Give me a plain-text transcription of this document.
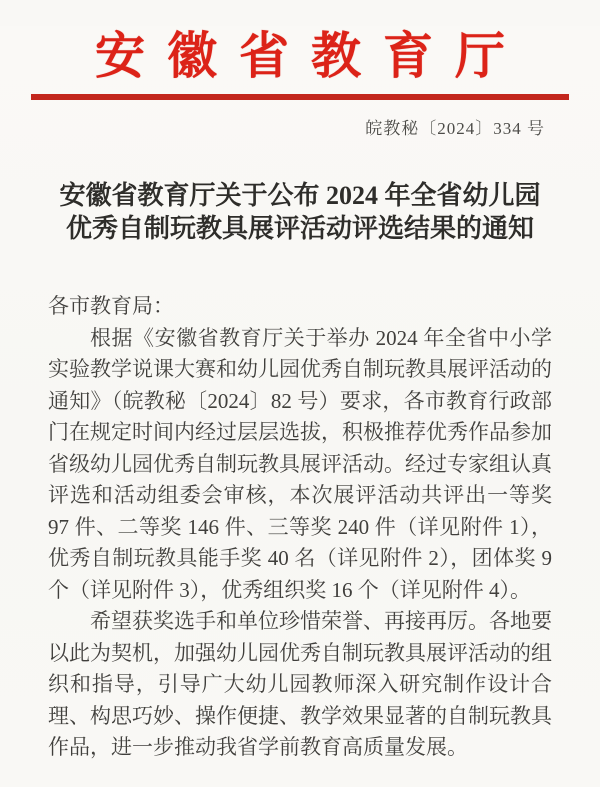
安徽省教育厅
皖教秘〔2024〕334 号
安徽省教育厅关于公布 2024 年全省幼儿园
优秀自制玩教具展评活动评选结果的通知
各市教育局：

根据《安徽省教育厅关于举办 2024 年全省中小学实验教学说课大赛和幼儿园优秀自制玩教具展评活动的通知》（皖教秘〔2024〕82 号）要求，各市教育行政部门在规定时间内经过层层选拔，积极推荐优秀作品参加省级幼儿园优秀自制玩教具展评活动。经过专家组认真评选和活动组委会审核，本次展评活动共评出一等奖 97 件、二等奖 146 件、三等奖 240 件（详见附件 1），优秀自制玩教具能手奖 40 名（详见附件 2），团体奖 9 个（详见附件 3），优秀组织奖 16 个（详见附件 4）。

希望获奖选手和单位珍惜荣誉、再接再厉。各地要以此为契机，加强幼儿园优秀自制玩教具展评活动的组织和指导，引导广大幼儿园教师深入研究制作设计合理、构思巧妙、操作便捷、教学效果显著的自制玩教具作品，进一步推动我省学前教育高质量发展。
